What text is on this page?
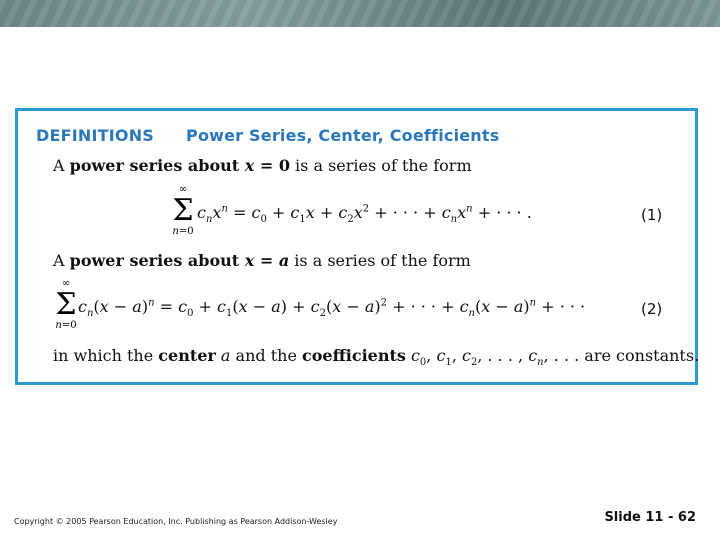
DEFINITIONS Power Series, Center, Coefficients
A power series about x = 0 is a series of the form
∞
Σ
n=0
$c_nx^n = c_0 + c_1x + c_2x^2$ + · · · + $c_nx^n$ + · · · .	(1)
A power series about x = a is a series of the form
∞
Σ
n=0
$c_n(x - a)^n = c_0 + c_1(x - a) + c_2(x - a)^2$ + · · · + $c_n(x - a)^n$ + · · ·	(2)
in which the center a and the coefficients $c_0$, $c_1$, $c_2$, . . . , $c_n$, . . . are constants.
Copyright © 2005 Pearson Education, Inc. Publishing as Pearson Addison-Wesley	Slide 11 - 62
